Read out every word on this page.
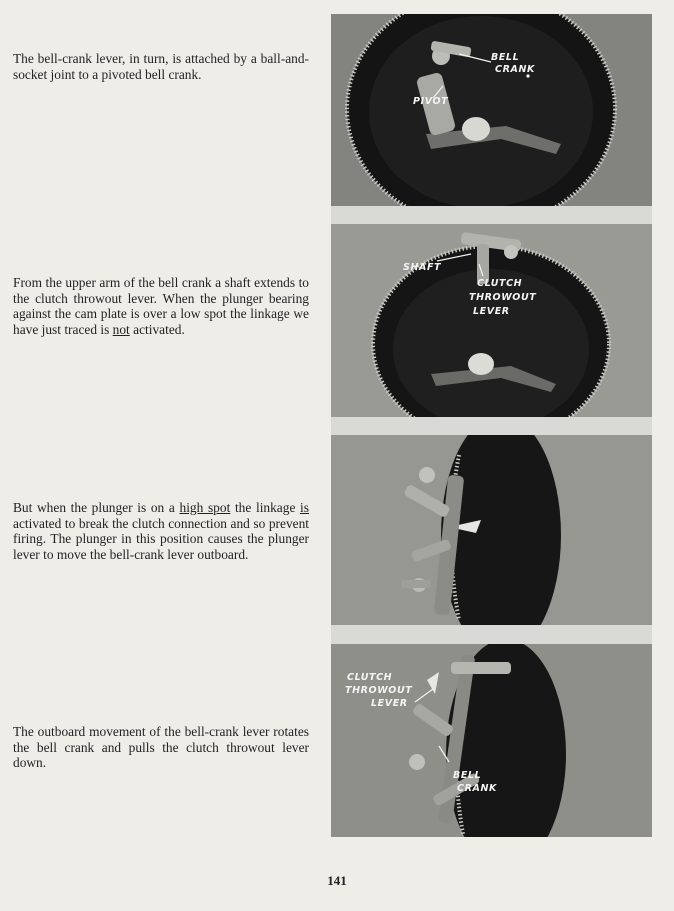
The bell-crank lever, in turn, is attached by a ball-and-socket joint to a pivoted bell crank.

From the upper arm of the bell crank a shaft extends to the clutch throwout lever. When the plunger bearing against the cam plate is over a low spot the linkage we have just traced is not activated.

But when the plunger is on a high spot the linkage is activated to break the clutch connection and so prevent firing. The plunger in this position causes the plunger lever to move the bell-crank lever outboard.

The outboard movement of the bell-crank lever rotates the bell crank and pulls the clutch throwout lever down.

BELL
CRANK
PIVOT
SHAFT
CLUTCH
THROWOUT
LEVER
CLUTCH
THROWOUT
LEVER
BELL
CRANK
141
